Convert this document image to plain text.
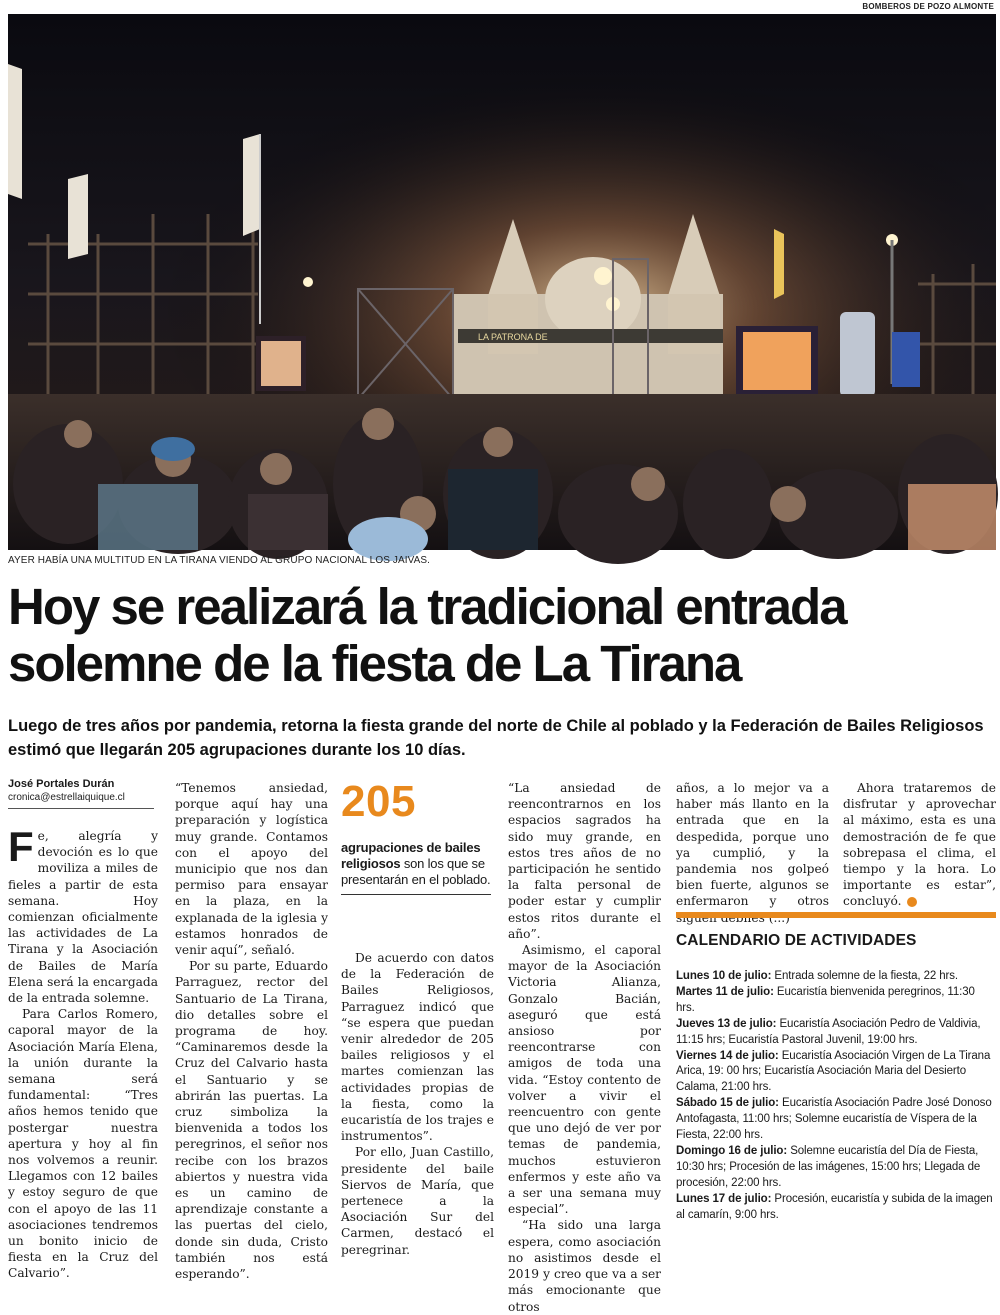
BOMBEROS DE POZO ALMONTE
LA PATRONA DE
AYER HABÍA UNA MULTITUD EN LA TIRANA VIENDO AL GRUPO NACIONAL LOS JAIVAS.
Hoy se realizará la tradicional entrada
solemne de la fiesta de La Tirana

Luego de tres años por pandemia, retorna la fiesta grande del norte de Chile al poblado y la Federación de Bailes Religiosos estimó que llegarán 205 agrupaciones durante los 10 días.

José Portales Durán
cronica@estrellaiquique.cl

Fe, alegría y devoción es lo que moviliza a miles de fieles a partir de esta semana. Hoy comienzan oficialmente las actividades de La Tirana y la Asociación de Bailes de María Elena será la encargada de la entrada solemne.

Para Carlos Romero, caporal mayor de la Asociación María Elena, la unión durante la semana será fundamental: “Tres años hemos tenido que postergar nuestra apertura y hoy al fin nos volvemos a reunir. Llegamos con 12 bailes y estoy seguro de que con el apoyo de las 11 asociaciones tendremos un bonito inicio de fiesta en la Cruz del Calvario”.

“Tenemos ansiedad, porque aquí hay una preparación y logística muy grande. Contamos con el apoyo del municipio que nos dan permiso para ensayar en la plaza, en la explanada de la iglesia y estamos honrados de venir aquí”, señaló.

Por su parte, Eduardo Parraguez, rector del Santuario de La Tirana, dio detalles sobre el programa de hoy. “Caminaremos desde la Cruz del Calvario hasta el Santuario y se abrirán las puertas. La cruz simboliza la bienvenida a todos los peregrinos, el señor nos recibe con los brazos abiertos y nuestra vida es un camino de aprendizaje constante a las puertas del cielo, donde sin duda, Cristo también nos está esperando”.

205
agrupaciones de bailes religiosos son los que se presentarán en el poblado.

De acuerdo con datos de la Federación de Bailes Religiosos, Parraguez indicó que “se espera que puedan venir alrededor de 205 bailes religiosos y el martes comienzan las actividades propias de la fiesta, como la eucaristía de los trajes e instrumentos”.

Por ello, Juan Castillo, presidente del baile Siervos de María, que pertenece a la Asociación Sur del Carmen, destacó el peregrinar.

“La ansiedad de reencontrarnos en los espacios sagrados ha sido muy grande, en estos tres años de no participación he sentido la falta personal de poder estar y cumplir estos ritos durante el año”.

Asimismo, el caporal mayor de la Asociación Victoria Alianza, Gonzalo Bacián, aseguró que está ansioso por reencontrarse con amigos de toda una vida. “Estoy contento de volver a vivir el reencuentro con gente que uno dejó de ver por temas de pandemia, muchos estuvieron enfermos y este año va a ser una semana muy especial”.

“Ha sido una larga espera, como asociación no asistimos desde el 2019 y creo que va a ser más emocionante que otros

años, a lo mejor va a haber más llanto en la entrada que en la despedida, porque uno ya cumplió, y la pandemia nos golpeó bien fuerte, algunos se enfermaron y otros

Ahora trataremos de disfrutar y aprovechar al máximo, esta es una demostración de fe que sobrepasa el clima, el tiempo y la hora. Lo importante es estar”, concluyó.

CALENDARIO DE ACTIVIDADES
Lunes 10 de julio: Entrada solemne de la fiesta, 22 hrs.
Martes 11 de julio: Eucaristía bienvenida peregrinos, 11:30 hrs.
Jueves 13 de julio: Eucaristía Asociación Pedro de Valdivia, 11:15 hrs; Eucaristía Pastoral Juvenil, 19:00 hrs.
Viernes 14 de julio: Eucaristía Asociación Virgen de La Tirana Arica, 19: 00 hrs; Eucaristía Asociación Maria del Desierto Calama, 21:00 hrs.
Sábado 15 de julio: Eucaristía Asociación Padre José Donoso Antofagasta, 11:00 hrs; Solemne eucaristía de Víspera de la Fiesta, 22:00 hrs.
Domingo 16 de julio: Solemne eucaristía del Día de Fiesta, 10:30 hrs; Procesión de las imágenes, 15:00 hrs; Llegada de procesión, 22:00 hrs.
Lunes 17 de julio: Procesión, eucaristía y subida de la imagen al camarín, 9:00 hrs.
